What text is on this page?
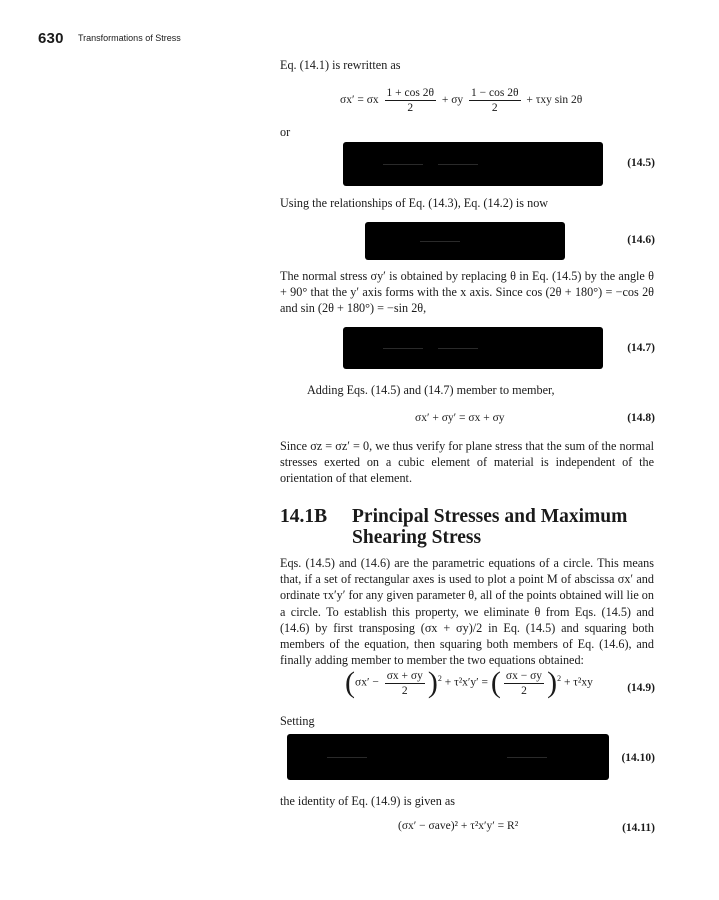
630 Transformations of Stress
Eq. (14.1) is rewritten as
σx′ = σx $\frac{1 + \cos 2\theta}{2} + \sigma y \frac{1 - \cos 2\theta}{2} + \tau xy$ sin 2θ
or
(14.5)
Using the relationships of Eq. (14.3), Eq. (14.2) is now
(14.6)
The normal stress σy′ is obtained by replacing θ in Eq. (14.5) by the angle θ + 90° that the y′ axis forms with the x axis. Since cos (2θ + 180°) = −cos 2θ and sin (2θ + 180°) = −sin 2θ,
(14.7)
Adding Eqs. (14.5) and (14.7) member to member,
σx′ + σy′ = σx + σy	(14.8)
Since σz = σz′ = 0, we thus verify for plane stress that the sum of the normal stresses exerted on a cubic element of material is independent of the orientation of that element.
14.1B Principal Stresses and Maximum
Shearing Stress
Eqs. (14.5) and (14.6) are the parametric equations of a circle. This means that, if a set of rectangular axes is used to plot a point M of abscissa σx′ and ordinate τx′y′ for any given parameter θ, all of the points obtained will lie on a circle. To establish this property, we eliminate θ from Eqs. (14.5) and (14.6) by first transposing (σx + σy)/2 in Eq. (14.5) and squaring both members of the equation, then squaring both members of Eq. (14.6), and finally adding member to member the two equations obtained:
$(\sigma x' - \frac{\sigma x + \sigma y}{2} )^2 + \tau^2x'y'$ = ( $\frac{\sigma x - \sigma y}{2} )^2 + \tau^2xy$	(14.9)
Setting
(14.10)
the identity of Eq. (14.9) is given as
(σx′ − σave)² + τ²x′y′ = R²	(14.11)
